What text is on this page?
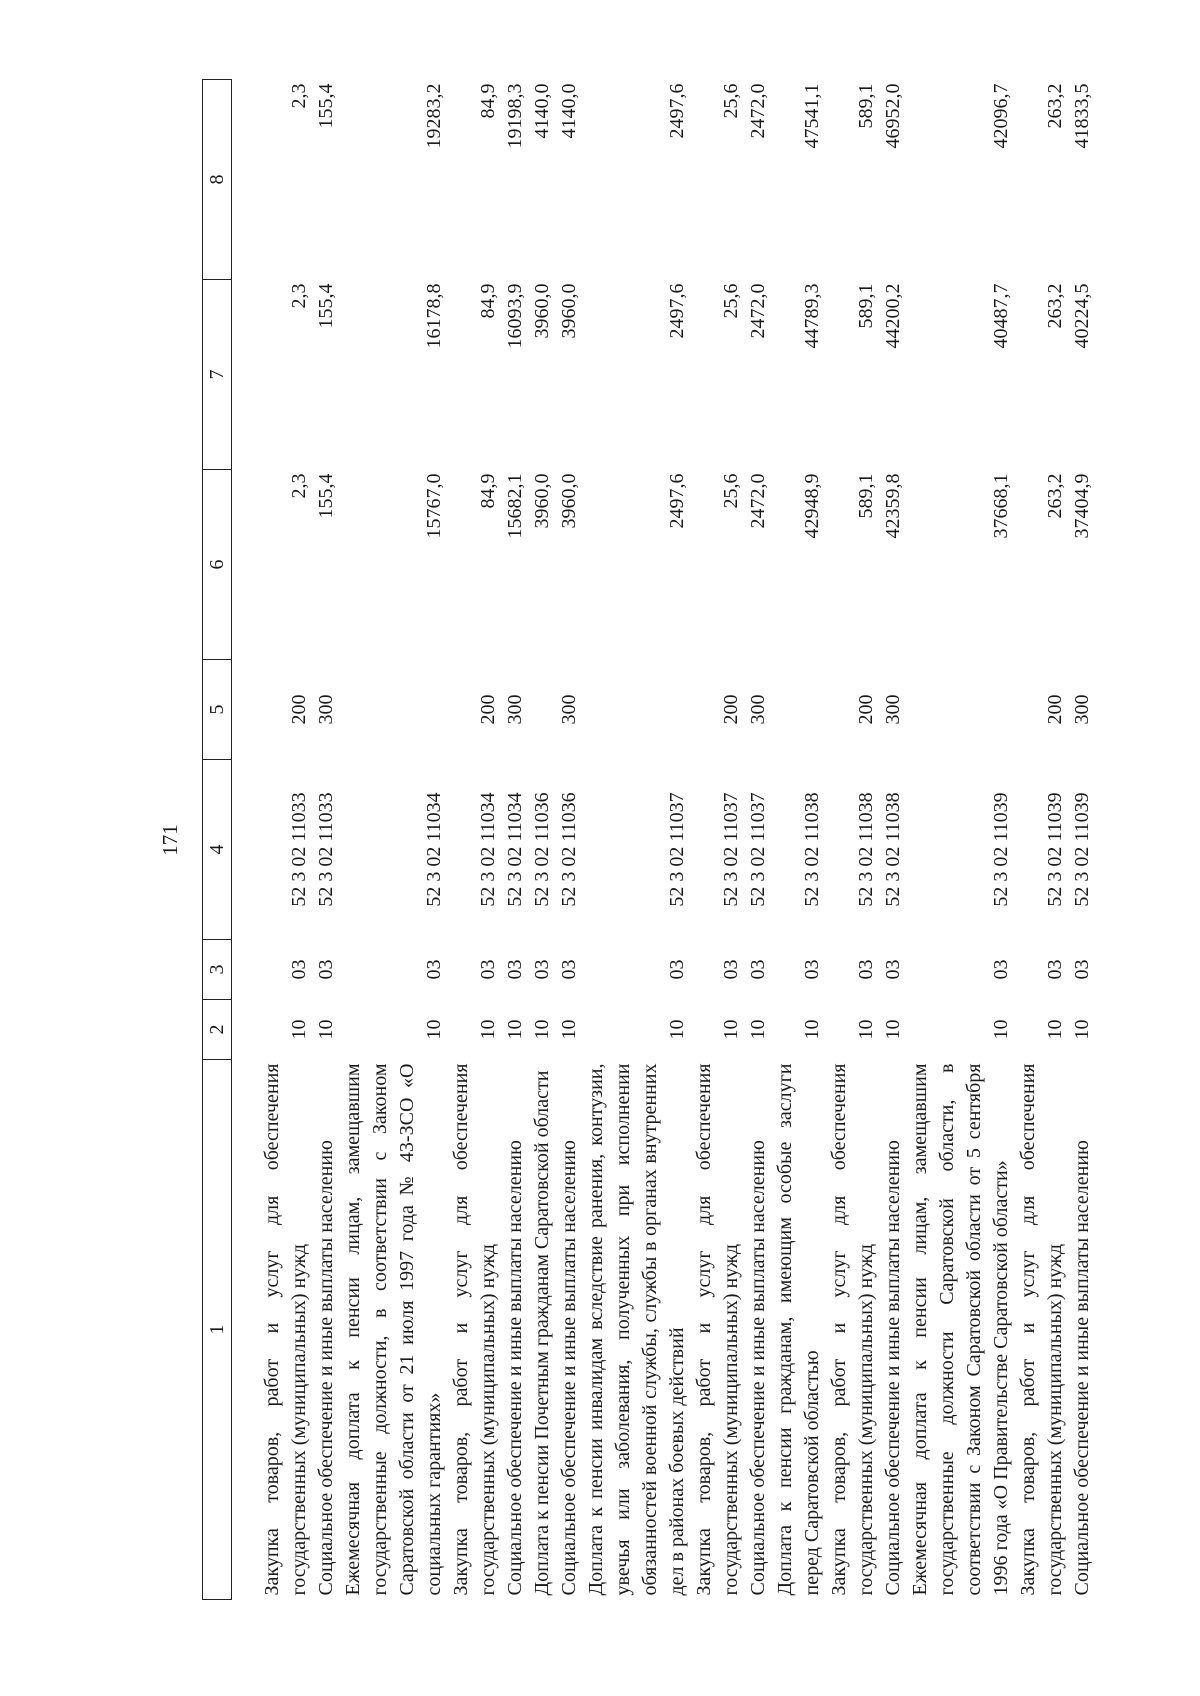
171
1	2	3	4	5	6	7	8

Закупка товаров, работ и услуг для обеспечения государственных (муниципальных) нужд	10	03	52 3 02 11033	200	2,3	2,3	2,3
Социальное обеспечение и иные выплаты населению	10	03	52 3 02 11033	300	155,4	155,4	155,4
Ежемесячная доплата к пенсии лицам, замещавшим государственные должности, в соответствии с Законом Саратовской области от 21 июля 1997 года № 43-ЗСО «О социальных гарантиях»	10	03	52 3 02 11034		15767,0	16178,8	19283,2
Закупка товаров, работ и услуг для обеспечения государственных (муниципальных) нужд	10	03	52 3 02 11034	200	84,9	84,9	84,9
Социальное обеспечение и иные выплаты населению	10	03	52 3 02 11034	300	15682,1	16093,9	19198,3
Доплата к пенсии Почетным гражданам Саратовской области	10	03	52 3 02 11036		3960,0	3960,0	4140,0
Социальное обеспечение и иные выплаты населению	10	03	52 3 02 11036	300	3960,0	3960,0	4140,0
Доплата к пенсии инвалидам вследствие ранения, контузии, увечья или заболевания, полученных при исполнении обязанностей военной службы, службы в органах внутренних дел в районах боевых действий	10	03	52 3 02 11037		2497,6	2497,6	2497,6
Закупка товаров, работ и услуг для обеспечения государственных (муниципальных) нужд	10	03	52 3 02 11037	200	25,6	25,6	25,6
Социальное обеспечение и иные выплаты населению	10	03	52 3 02 11037	300	2472,0	2472,0	2472,0
Доплата к пенсии гражданам, имеющим особые заслуги перед Саратовской областью	10	03	52 3 02 11038		42948,9	44789,3	47541,1
Закупка товаров, работ и услуг для обеспечения государственных (муниципальных) нужд	10	03	52 3 02 11038	200	589,1	589,1	589,1
Социальное обеспечение и иные выплаты населению	10	03	52 3 02 11038	300	42359,8	44200,2	46952,0
Ежемесячная доплата к пенсии лицам, замещавшим государственные должности Саратовской области, в соответствии с Законом Саратовской области от 5 сентября 1996 года «О Правительстве Саратовской области»	10	03	52 3 02 11039		37668,1	40487,7	42096,7
Закупка товаров, работ и услуг для обеспечения государственных (муниципальных) нужд	10	03	52 3 02 11039	200	263,2	263,2	263,2
Социальное обеспечение и иные выплаты населению	10	03	52 3 02 11039	300	37404,9	40224,5	41833,5
